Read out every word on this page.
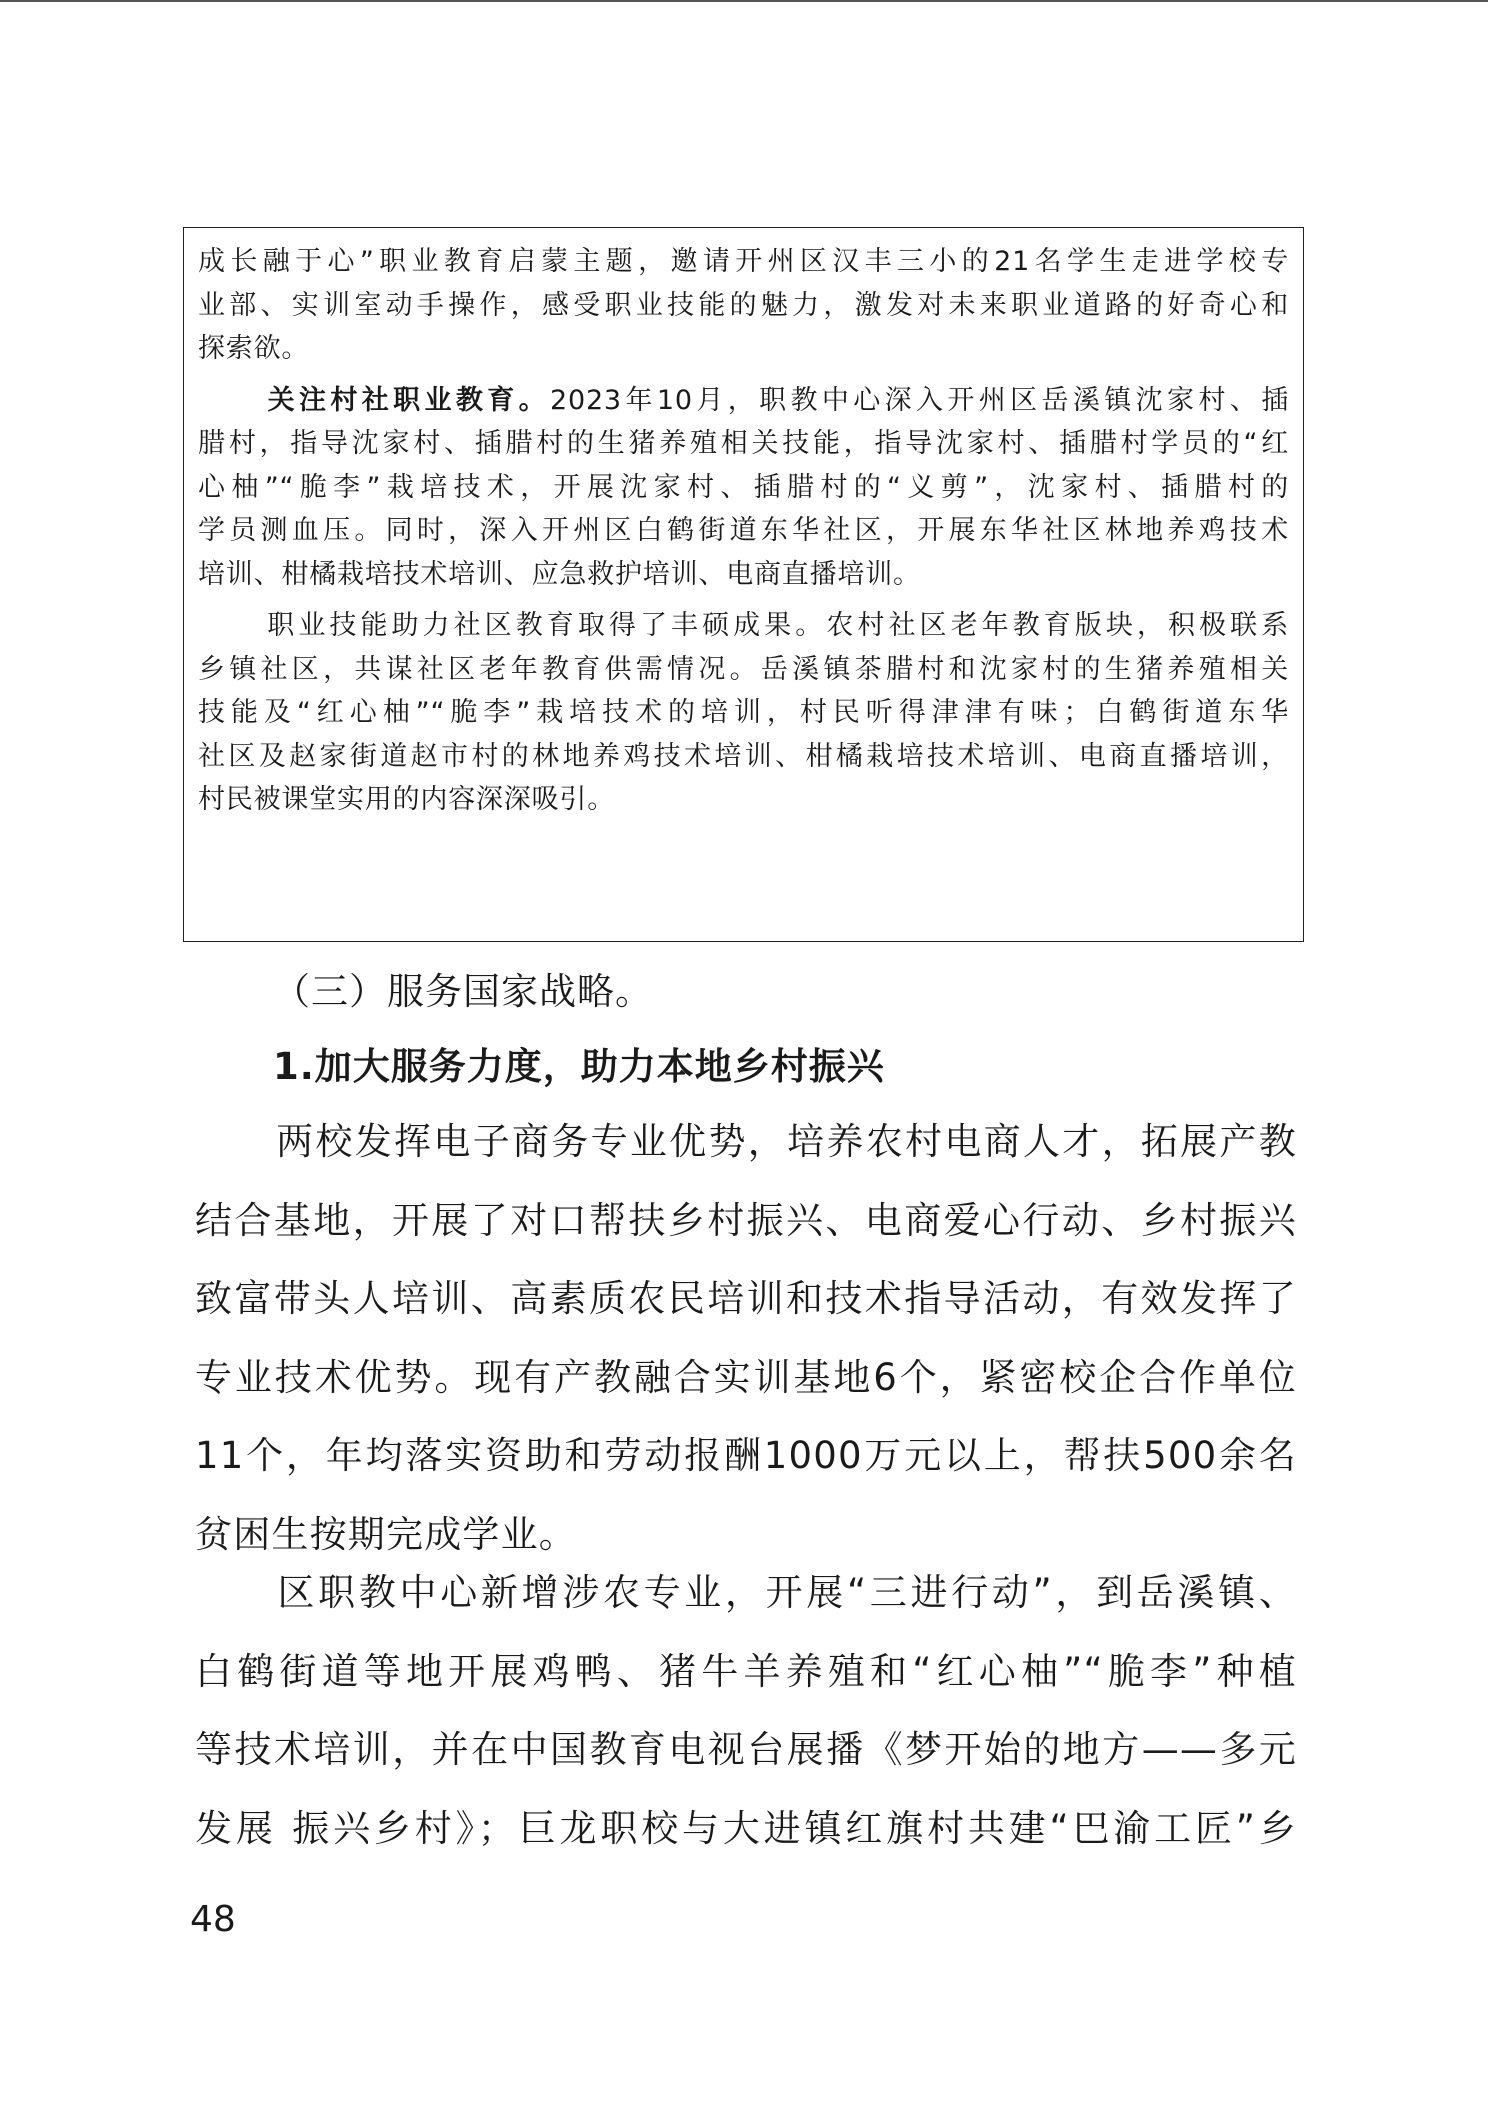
成长融于心”职业教育启蒙主题，邀请开州区汉丰三小的21名学生走进学校专

业部、实训室动手操作，感受职业技能的魅力，激发对未来职业道路的好奇心和

探索欲。

关注村社职业教育。2023年10月，职教中心深入开州区岳溪镇沈家村、插

腊村，指导沈家村、插腊村的生猪养殖相关技能，指导沈家村、插腊村学员的“红

心柚”“脆李”栽培技术，开展沈家村、插腊村的“义剪”，沈家村、插腊村的

学员测血压。同时，深入开州区白鹤街道东华社区，开展东华社区林地养鸡技术

培训、柑橘栽培技术培训、应急救护培训、电商直播培训。

职业技能助力社区教育取得了丰硕成果。农村社区老年教育版块，积极联系

乡镇社区，共谋社区老年教育供需情况。岳溪镇茶腊村和沈家村的生猪养殖相关

技能及“红心柚”“脆李”栽培技术的培训，村民听得津津有味；白鹤街道东华

社区及赵家街道赵市村的林地养鸡技术培训、柑橘栽培技术培训、电商直播培训，

村民被课堂实用的内容深深吸引。

（三）服务国家战略。
1.加大服务力度，助力本地乡村振兴

两校发挥电子商务专业优势，培养农村电商人才，拓展产教

结合基地，开展了对口帮扶乡村振兴、电商爱心行动、乡村振兴

致富带头人培训、高素质农民培训和技术指导活动，有效发挥了

专业技术优势。现有产教融合实训基地6个，紧密校企合作单位

11个，年均落实资助和劳动报酬1000万元以上，帮扶500余名

贫困生按期完成学业。

区职教中心新增涉农专业，开展“三进行动”，到岳溪镇、

白鹤街道等地开展鸡鸭、猪牛羊养殖和“红心柚”“脆李”种植

等技术培训，并在中国教育电视台展播《梦开始的地方——多元

发展 振兴乡村》；巨龙职校与大进镇红旗村共建“巴渝工匠”乡

48
